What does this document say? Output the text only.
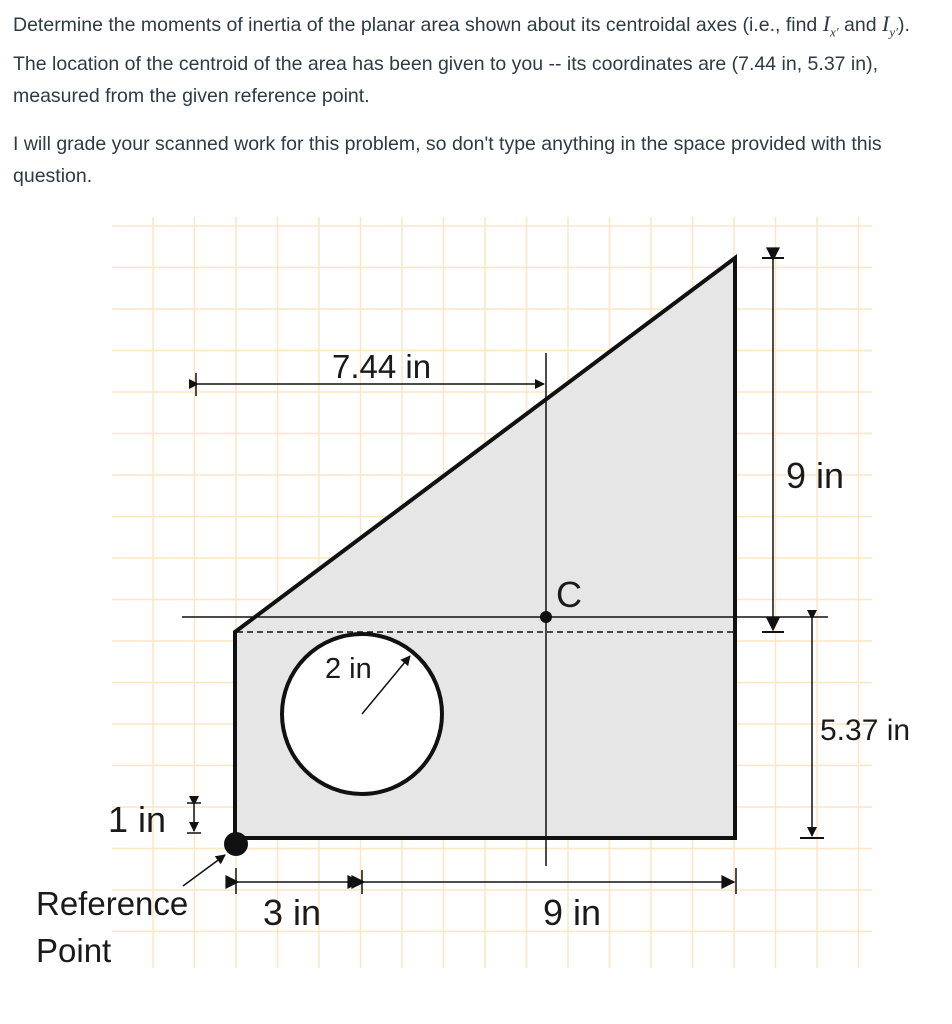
Determine the moments of inertia of the planar area shown about its centroidal axes (i.e., find $I_{x'}$ and $I_{y'}$). The location of the centroid of the area has been given to you -- its coordinates are (7.44 in, 5.37 in), measured from the given reference point.

I will grade your scanned work for this problem, so don't type anything in the space provided with this question.

7.44 in
9 in
C
2 in
5.37 in
1 in
Reference
Point
3 in	9 in
